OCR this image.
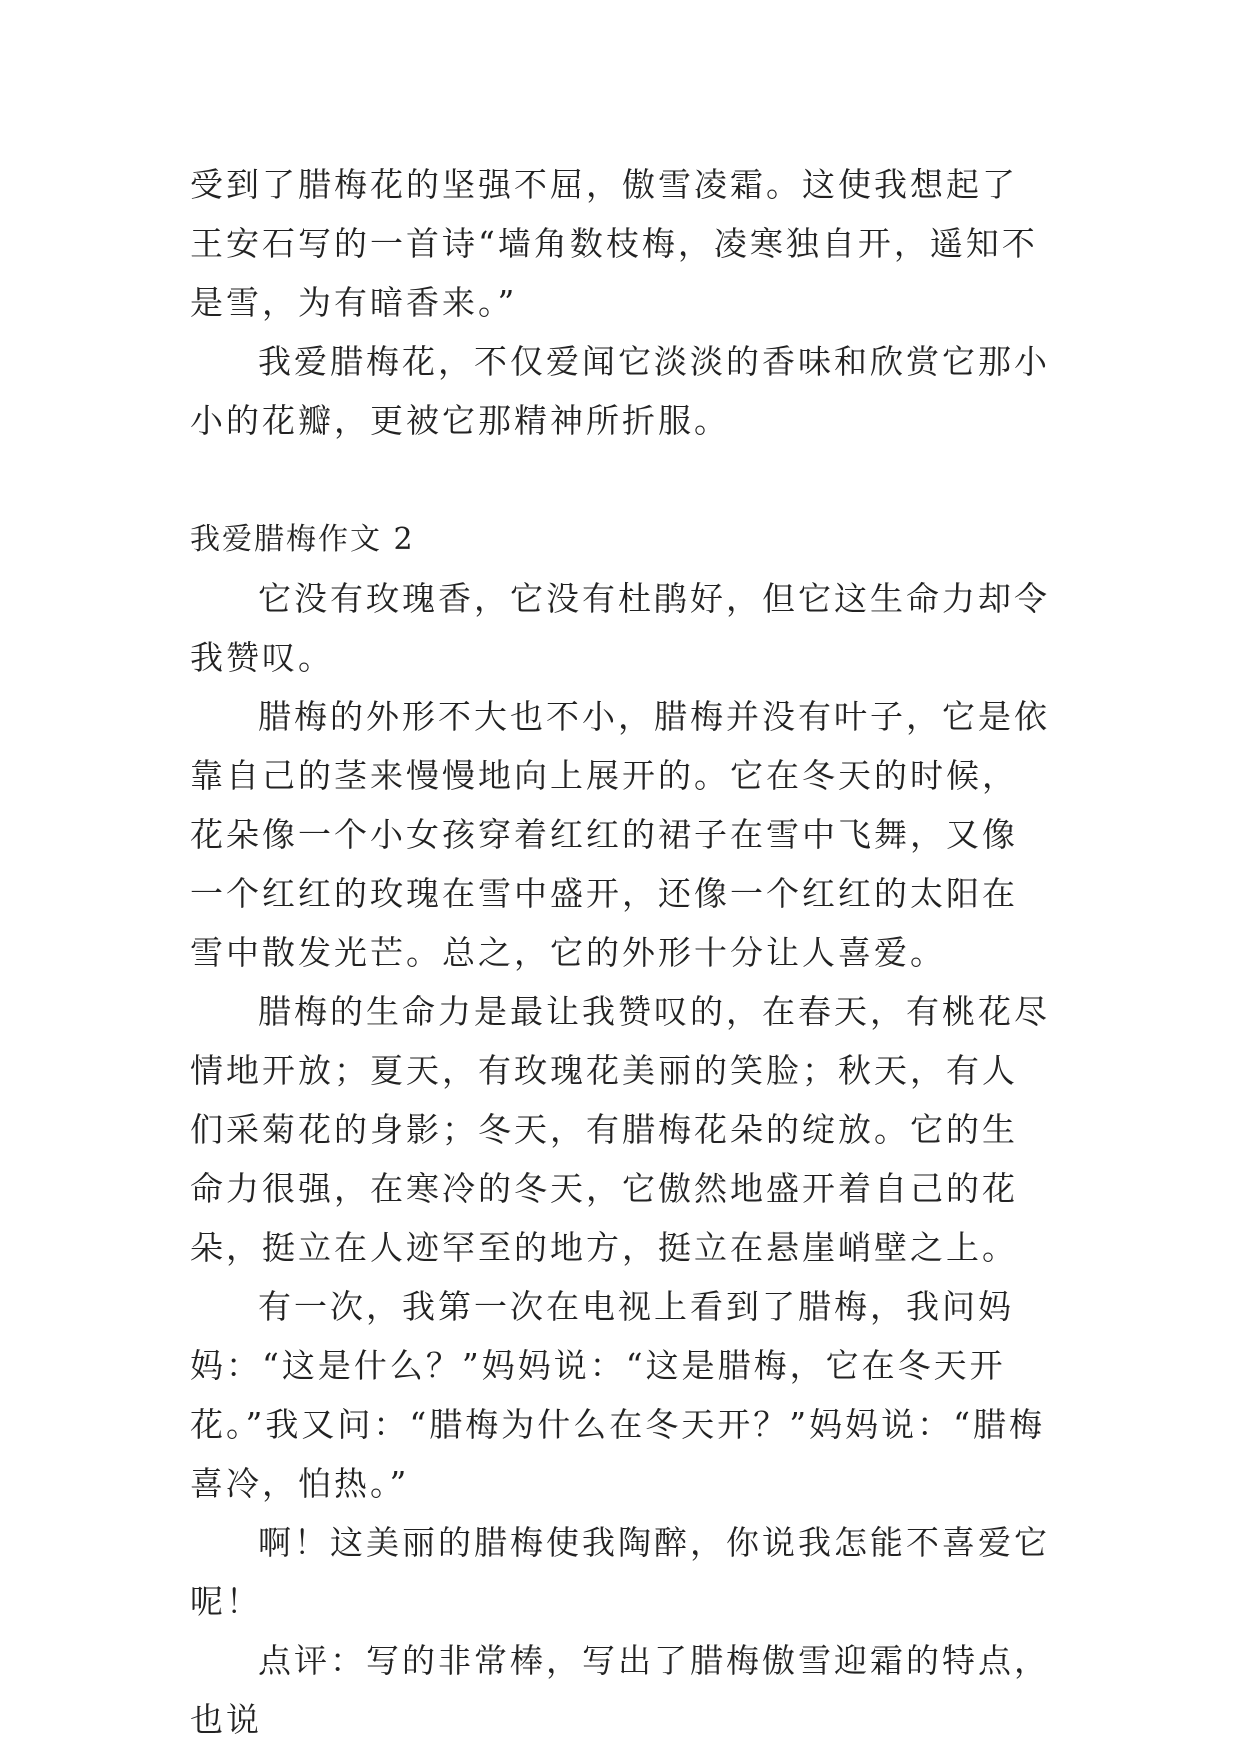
受到了腊梅花的坚强不屈，傲雪凌霜。这使我想起了王安石写的一首诗“墙角数枝梅，凌寒独自开，遥知不是雪，为有暗香来。”

我爱腊梅花，不仅爱闻它淡淡的香味和欣赏它那小小的花瓣，更被它那精神所折服。

我爱腊梅作文 2

它没有玫瑰香，它没有杜鹃好，但它这生命力却令我赞叹。

腊梅的外形不大也不小，腊梅并没有叶子，它是依靠自己的茎来慢慢地向上展开的。它在冬天的时候，花朵像一个小女孩穿着红红的裙子在雪中飞舞，又像一个红红的玫瑰在雪中盛开，还像一个红红的太阳在雪中散发光芒。总之，它的外形十分让人喜爱。

腊梅的生命力是最让我赞叹的，在春天，有桃花尽情地开放；夏天，有玫瑰花美丽的笑脸；秋天，有人们采菊花的身影；冬天，有腊梅花朵的绽放。它的生命力很强，在寒冷的冬天，它傲然地盛开着自己的花朵，挺立在人迹罕至的地方，挺立在悬崖峭壁之上。

有一次，我第一次在电视上看到了腊梅，我问妈妈：“这是什么？”妈妈说：“这是腊梅，它在冬天开花。”我又问：“腊梅为什么在冬天开？”妈妈说：“腊梅喜冷，怕热。”

啊！这美丽的腊梅使我陶醉，你说我怎能不喜爱它呢！

点评：写的非常棒，写出了腊梅傲雪迎霜的特点，也说
